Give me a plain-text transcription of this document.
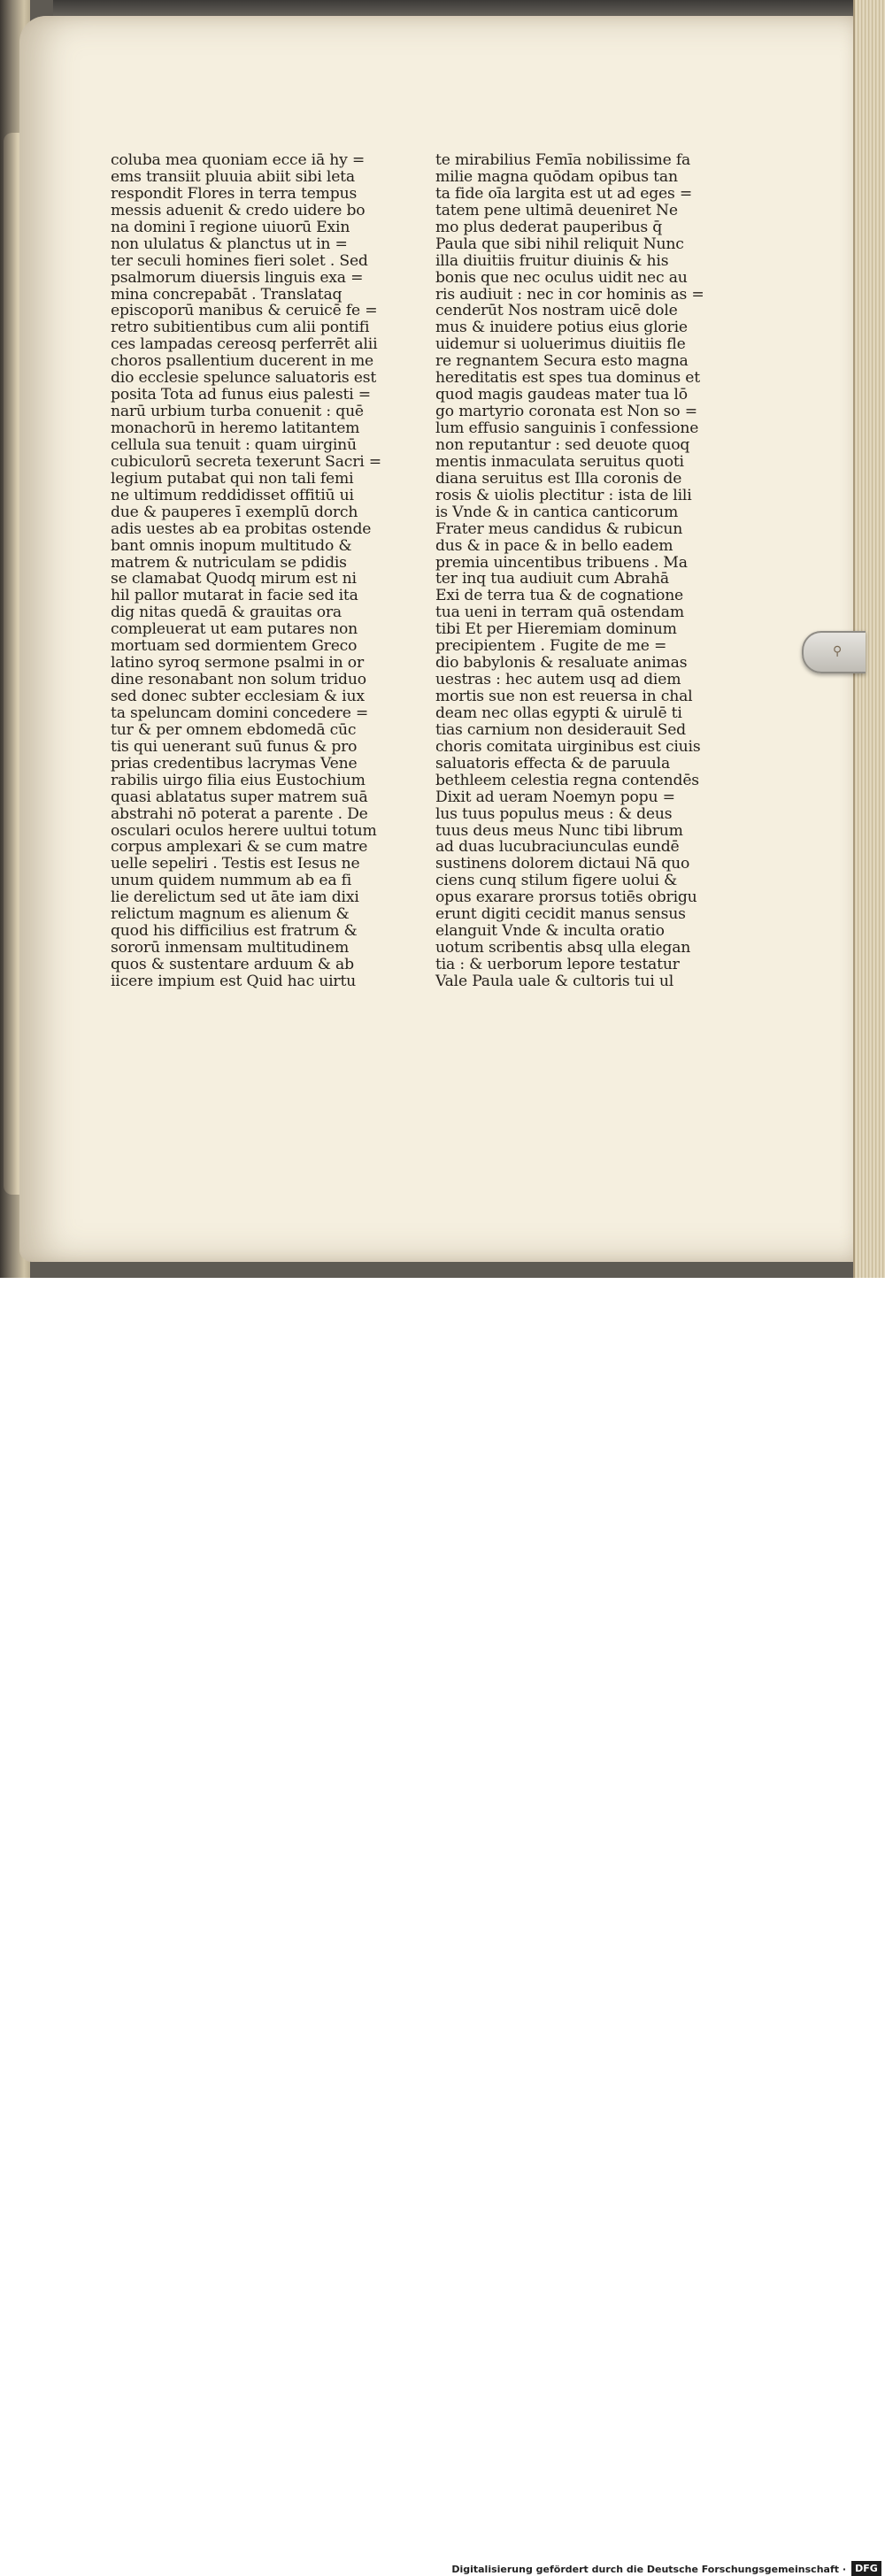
coluba mea quoniam ecce iā hy =
ems transiit pluuia abiit sibi leta
respondit Flores in terra tempus
messis aduenit & credo uidere bo
na domini ī regione uiuorū Exin
non ululatus & planctus ut in =
ter seculi homines fieri solet . Sed
psalmorum diuersis linguis exa =
mina concrepabāt . Translataq
episcoporū manibus & ceruicē fe =
retro subitientibus cum alii pontifi
ces lampadas cereosq perferrēt alii
choros psallentium ducerent in me
dio ecclesie spelunce saluatoris est
posita Tota ad funus eius palesti =
narū urbium turba conuenit : quē
monachorū in heremo latitantem
cellula sua tenuit : quam uirginū
cubiculorū secreta texerunt Sacri =
legium putabat qui non tali femi
ne ultimum reddidisset offitiū ui
due & pauperes ī exemplū dorch
adis uestes ab ea probitas ostende
bant omnis inopum multitudo &
matrem & nutriculam se pdidis
se clamabat Quodq mirum est ni
hil pallor mutarat in facie sed ita
dig nitas quedā & grauitas ora
compleuerat ut eam putares non
mortuam sed dormientem Greco
latino syroq sermone psalmi in or
dine resonabant non solum triduo
sed donec subter ecclesiam & iux
ta speluncam domini concedere =
tur & per omnem ebdomedā cūc
tis qui uenerant suū funus & pro
prias credentibus lacrymas Vene
rabilis uirgo filia eius Eustochium
quasi ablatatus super matrem suā
abstrahi nō poterat a parente . De
osculari oculos herere uultui totum
corpus amplexari & se cum matre
uelle sepeliri . Testis est Iesus ne
unum quidem nummum ab ea fi
lie derelictum sed ut āte iam dixi
relictum magnum es alienum &
quod his difficilius est fratrum &
sororū inmensam multitudinem
quos & sustentare arduum & ab
iicere impium est Quid hac uirtu
te mirabilius Femīa nobilissime fa
milie magna quōdam opibus tan
ta fide oīa largita est ut ad eges =
tatem pene ultimā deueniret Ne
mo plus dederat pauperibus q̄
Paula que sibi nihil reliquit Nunc
illa diuitiis fruitur diuinis & his
bonis que nec oculus uidit nec au
ris audiuit : nec in cor hominis as =
cenderūt Nos nostram uicē dole
mus & inuidere potius eius glorie
uidemur si uoluerimus diuitiis fle
re regnantem Secura esto magna
hereditatis est spes tua dominus et
quod magis gaudeas mater tua lō
go martyrio coronata est Non so =
lum effusio sanguinis ī confessione
non reputantur : sed deuote quoq
mentis inmaculata seruitus quoti
diana seruitus est Illa coronis de
rosis & uiolis plectitur : ista de lili
is Vnde & in cantica canticorum
Frater meus candidus & rubicun
dus & in pace & in bello eadem
premia uincentibus tribuens . Ma
ter inq tua audiuit cum Abrahā
Exi de terra tua & de cognatione
tua ueni in terram quā ostendam
tibi Et per Hieremiam dominum
precipientem . Fugite de me =
dio babylonis & resaluate animas
uestras : hec autem usq ad diem
mortis sue non est reuersa in chal
deam nec ollas egypti & uirulē ti
tias carnium non desiderauit Sed
choris comitata uirginibus est ciuis
saluatoris effecta & de paruula
bethleem celestia regna contendēs
Dixit ad ueram Noemyn popu =
lus tuus populus meus : & deus
tuus deus meus Nunc tibi librum
ad duas lucubraciunculas eundē
sustinens dolorem dictaui Nā quo
ciens cunq stilum figere uolui &
opus exarare prorsus totiēs obrigu
erunt digiti cecidit manus sensus
elanguit Vnde & inculta oratio
uotum scribentis absq ulla elegan
tia : & uerborum lepore testatur
Vale Paula uale & cultoris tui ul
⚲
Digitalisierung gefördert durch die Deutsche Forschungsgemeinschaft · DFG
